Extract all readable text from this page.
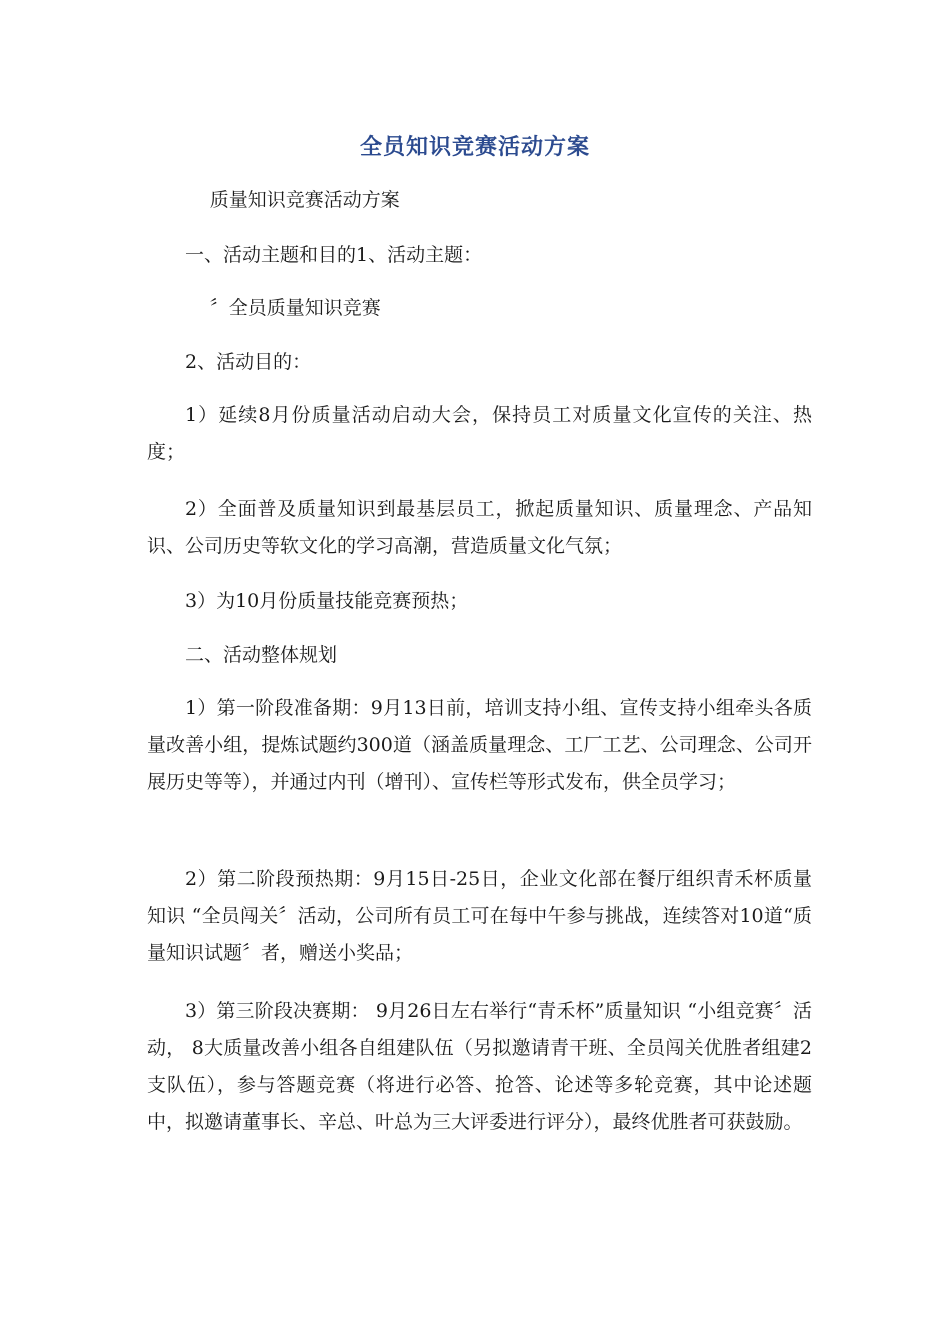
全员知识竞赛活动方案

质量知识竞赛活动方案

一、活动主题和目的1、活动主题：

〞全员质量知识竞赛

2、活动目的：

1）延续8月份质量活动启动大会，保持员工对质量文化宣传的关注、热度；

2）全面普及质量知识到最基层员工，掀起质量知识、质量理念、产品知识、公司历史等软文化的学习高潮，营造质量文化气氛；

3）为10月份质量技能竞赛预热；

二、活动整体规划

1）第一阶段准备期：9月13日前，培训支持小组、宣传支持小组牵头各质量改善小组，提炼试题约300道（涵盖质量理念、工厂工艺、公司理念、公司开展历史等等），并通过内刊（增刊）、宣传栏等形式发布，供全员学习；

2）第二阶段预热期：9月15日-25日，企业文化部在餐厅组织青禾杯质量知识 “全员闯关〞活动，公司所有员工可在每中午参与挑战，连续答对10道“质量知识试题〞者，赠送小奖品；

3）第三阶段决赛期： 9月26日左右举行“青禾杯”质量知识 “小组竞赛〞活动， 8大质量改善小组各自组建队伍（另拟邀请青干班、全员闯关优胜者组建2支队伍），参与答题竞赛（将进行必答、抢答、论述等多轮竞赛，其中论述题中，拟邀请董事长、辛总、叶总为三大评委进行评分），最终优胜者可获鼓励。
